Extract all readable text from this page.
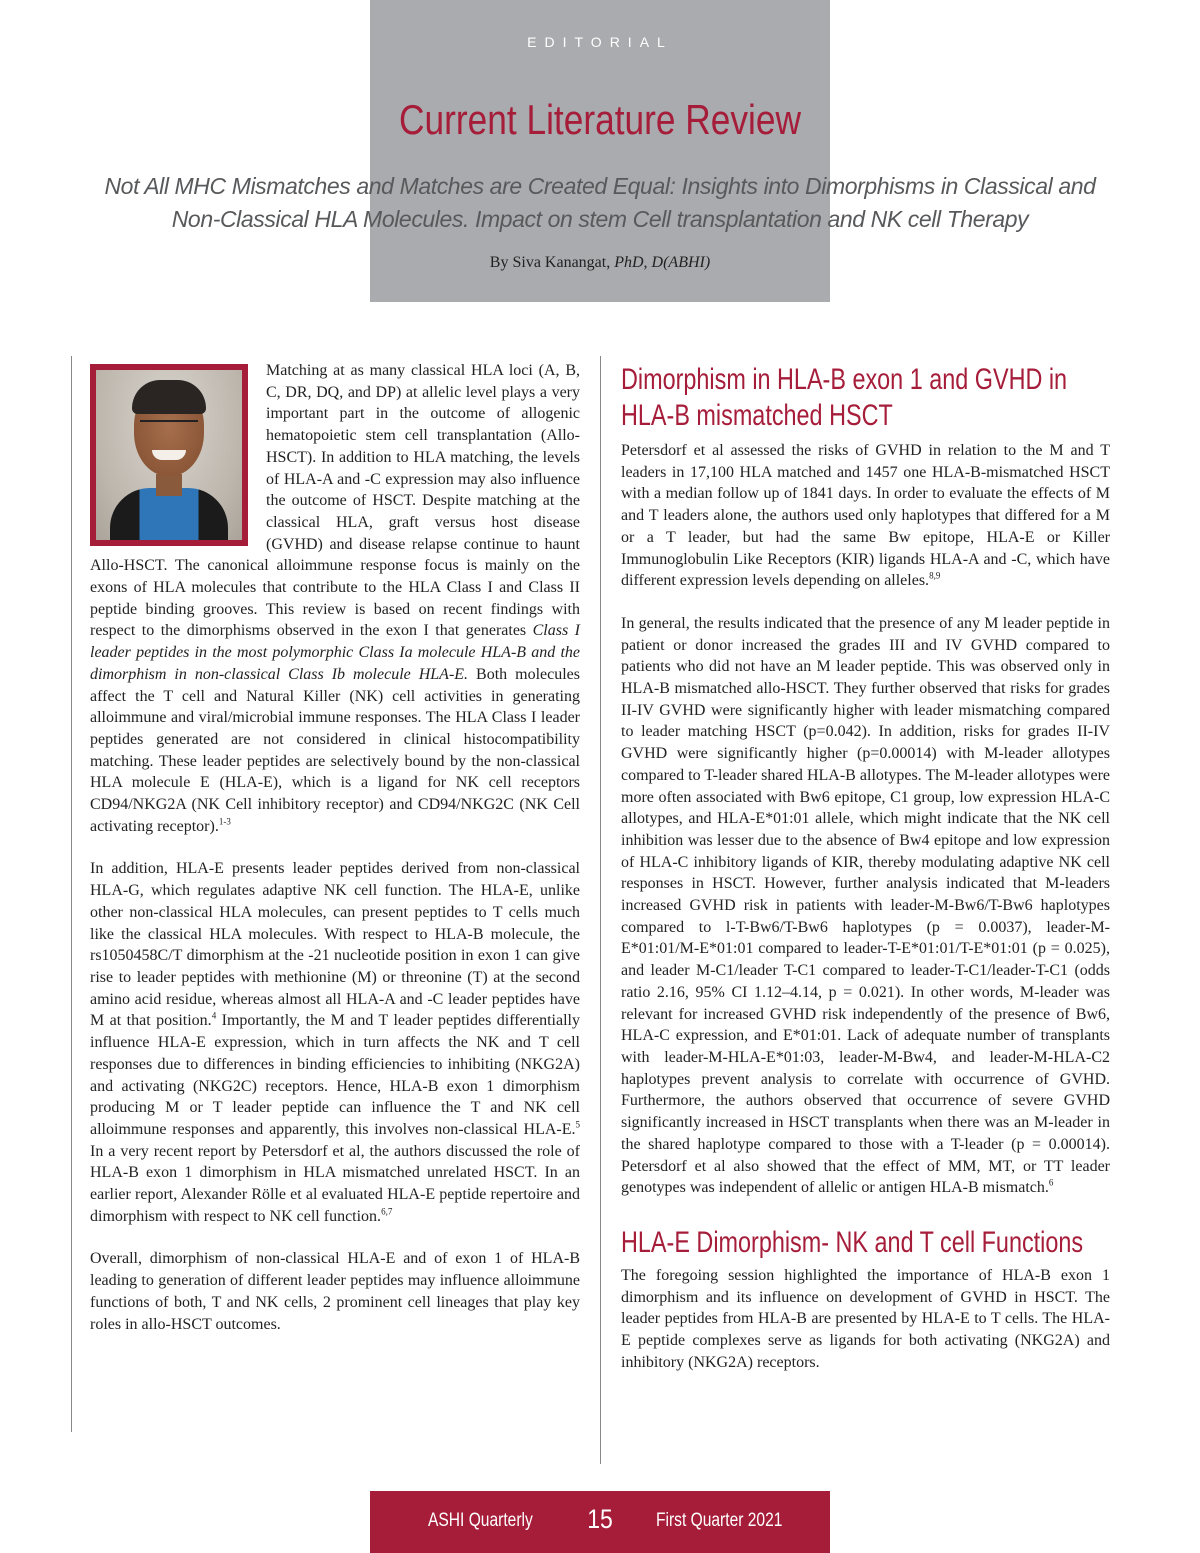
EDITORIAL
Current Literature Review
Not All MHC Mismatches and Matches are Created Equal: Insights into Dimorphisms in Classical and
Non-Classical HLA Molecules. Impact on stem Cell transplantation and NK cell Therapy
By Siva Kanangat, PhD, D(ABHI)

Matching at as many classical HLA loci (A, B, C, DR, DQ, and DP) at allelic level plays a very important part in the outcome of allogenic hematopoietic stem cell transplantation (Allo-HSCT). In addition to HLA matching, the levels of HLA-A and -C expression may also influence the outcome of HSCT. Despite matching at the classical HLA, graft versus host disease (GVHD) and disease relapse continue to haunt Allo-HSCT. The canonical alloimmune response focus is mainly on the exons of HLA molecules that contribute to the HLA Class I and Class II peptide binding grooves. This review is based on recent findings with respect to the dimorphisms observed in the exon I that generates Class I leader peptides in the most polymorphic Class Ia molecule HLA-B and the dimorphism in non-classical Class Ib molecule HLA-E. Both molecules affect the T cell and Natural Killer (NK) cell activities in generating alloimmune and viral/microbial immune responses. The HLA Class I leader peptides generated are not considered in clinical histocompatibility matching. These leader peptides are selectively bound by the non-classical HLA molecule E (HLA-E), which is a ligand for NK cell receptors CD94/NKG2A (NK Cell inhibitory receptor) and CD94/NKG2C (NK Cell activating receptor).$^{1-3}$

In addition, HLA-E presents leader peptides derived from non-classical HLA-G, which regulates adaptive NK cell function. The HLA-E, unlike other non-classical HLA molecules, can present peptides to T cells much like the classical HLA molecules. With respect to HLA-B molecule, the rs1050458C/T dimorphism at the -21 nucleotide position in exon 1 can give rise to leader peptides with methionine (M) or threonine (T) at the second amino acid residue, whereas almost all HLA-A and -C leader peptides have M at that position.$^4$ Importantly, the M and T leader peptides differentially influence HLA-E expression, which in turn affects the NK and T cell responses due to differences in binding efficiencies to inhibiting (NKG2A) and activating (NKG2C) receptors. Hence, HLA-B exon 1 dimorphism producing M or T leader peptide can influence the T and NK cell alloimmune responses and apparently, this involves non-classical HLA-E.$^5$ In a very recent report by Petersdorf et al, the authors discussed the role of HLA-B exon 1 dimorphism in HLA mismatched unrelated HSCT. In an earlier report, Alexander Rölle et al evaluated HLA-E peptide repertoire and dimorphism with respect to NK cell function.$^{6,7}$

Overall, dimorphism of non-classical HLA-E and of exon 1 of HLA-B leading to generation of different leader peptides may influence alloimmune functions of both, T and NK cells, 2 prominent cell lineages that play key roles in allo-HSCT outcomes.

Dimorphism in HLA-B exon 1 and GVHD in
HLA-B mismatched HSCT

Petersdorf et al assessed the risks of GVHD in relation to the M and T leaders in 17,100 HLA matched and 1457 one HLA-B-mismatched HSCT with a median follow up of 1841 days. In order to evaluate the effects of M and T leaders alone, the authors used only haplotypes that differed for a M or a T leader, but had the same Bw epitope, HLA-E or Killer Immunoglobulin Like Receptors (KIR) ligands HLA-A and -C, which have different expression levels depending on alleles.$^{8,9}$

In general, the results indicated that the presence of any M leader peptide in patient or donor increased the grades III and IV GVHD compared to patients who did not have an M leader peptide. This was observed only in HLA-B mismatched allo-HSCT. They further observed that risks for grades II-IV GVHD were significantly higher with leader mismatching compared to leader matching HSCT (p=0.042). In addition, risks for grades II-IV GVHD were significantly higher (p=0.00014) with M-leader allotypes compared to T-leader shared HLA-B allotypes. The M-leader allotypes were more often associated with Bw6 epitope, C1 group, low expression HLA-C allotypes, and HLA-E*01:01 allele, which might indicate that the NK cell inhibition was lesser due to the absence of Bw4 epitope and low expression of HLA-C inhibitory ligands of KIR, thereby modulating adaptive NK cell responses in HSCT. However, further analysis indicated that M-leaders increased GVHD risk in patients with leader-M-Bw6/T-Bw6 haplotypes compared to l-T-Bw6/T-Bw6 haplotypes (p = 0.0037), leader-M-E*01:01/M-E*01:01 compared to leader-T-E*01:01/T-E*01:01 (p = 0.025), and leader M-C1/leader T-C1 compared to leader-T-C1/leader-T-C1 (odds ratio 2.16, 95% CI 1.12–4.14, p = 0.021). In other words, M-leader was relevant for increased GVHD risk independently of the presence of Bw6, HLA-C expression, and E*01:01. Lack of adequate number of transplants with leader-M-HLA-E*01:03, leader-M-Bw4, and leader-M-HLA-C2 haplotypes prevent analysis to correlate with occurrence of GVHD. Furthermore, the authors observed that occurrence of severe GVHD significantly increased in HSCT transplants when there was an M-leader in the shared haplotype compared to those with a T-leader (p = 0.00014). Petersdorf et al also showed that the effect of MM, MT, or TT leader genotypes was independent of allelic or antigen HLA-B mismatch.$^6$

HLA-E Dimorphism- NK and T cell Functions

The foregoing session highlighted the importance of HLA-B exon 1 dimorphism and its influence on development of GVHD in HSCT. The leader peptides from HLA-B are presented by HLA-E to T cells. The HLA-E peptide complexes serve as ligands for both activating (NKG2A) and inhibitory (NKG2A) receptors.

ASHI Quarterly	15	First Quarter 2021
